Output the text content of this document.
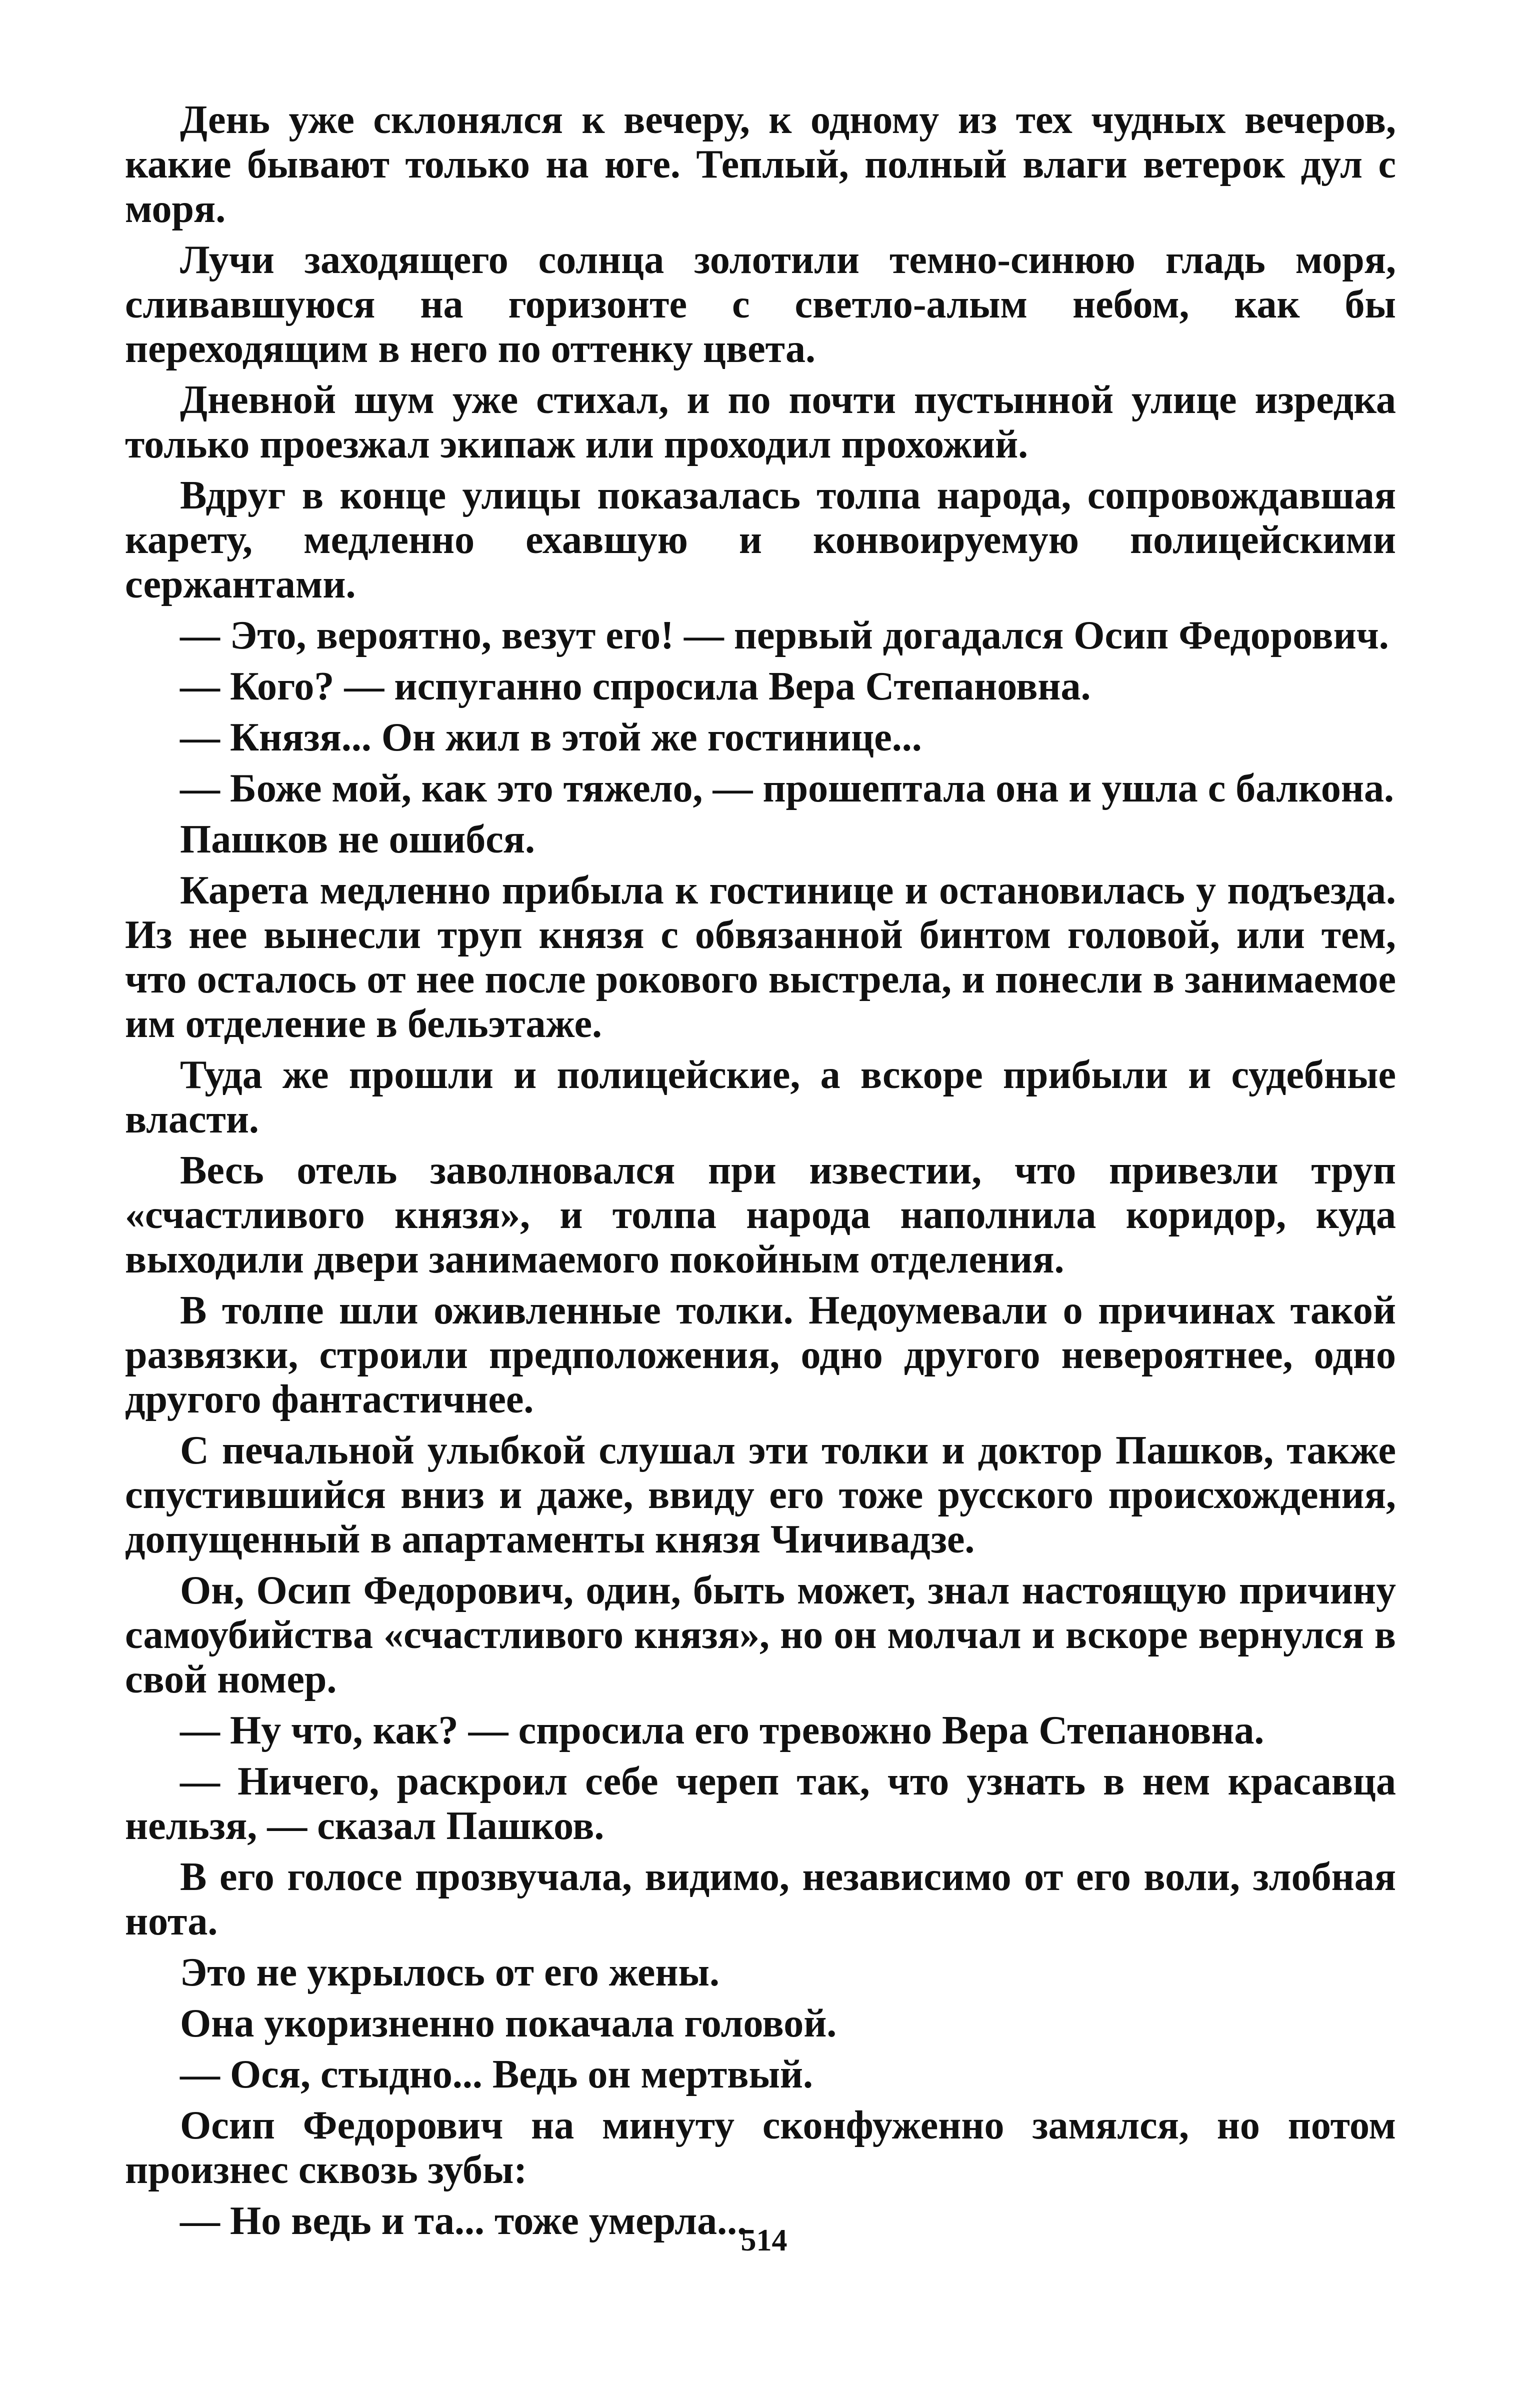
День уже склонялся к вечеру, к одному из тех чудных вечеров, какие бывают только на юге. Теплый, полный влаги ветерок дул с моря.

Лучи заходящего солнца золотили темно-синюю гладь моря, сливавшуюся на горизонте с светло-алым небом, как бы переходящим в него по оттенку цвета.

Дневной шум уже стихал, и по почти пустынной улице изредка только проезжал экипаж или проходил прохожий.

Вдруг в конце улицы показалась толпа народа, сопровождавшая карету, медленно ехавшую и конвоируемую полицейскими сержантами.

— Это, вероятно, везут его! — первый догадался Осип Федорович.

— Кого? — испуганно спросила Вера Степановна.

— Князя... Он жил в этой же гостинице...

— Боже мой, как это тяжело, — прошептала она и ушла с балкона.

Пашков не ошибся.

Карета медленно прибыла к гостинице и остановилась у подъезда. Из нее вынесли труп князя с обвязанной бинтом головой, или тем, что осталось от нее после рокового выстрела, и понесли в занимаемое им отделение в бельэтаже.

Туда же прошли и полицейские, а вскоре прибыли и судебные власти.

Весь отель заволновался при известии, что привезли труп «счастливого князя», и толпа народа наполнила коридор, куда выходили двери занимаемого покойным отделения.

В толпе шли оживленные толки. Недоумевали о причинах такой развязки, строили предположения, одно другого невероятнее, одно другого фантастичнее.

С печальной улыбкой слушал эти толки и доктор Пашков, также спустившийся вниз и даже, ввиду его тоже русского происхождения, допущенный в апартаменты князя Чичивадзе.

Он, Осип Федорович, один, быть может, знал настоящую причину самоубийства «счастливого князя», но он молчал и вскоре вернулся в свой номер.

— Ну что, как? — спросила его тревожно Вера Степановна.

— Ничего, раскроил себе череп так, что узнать в нем красавца нельзя, — сказал Пашков.

В его голосе прозвучала, видимо, независимо от его воли, злобная нота.

Это не укрылось от его жены.

Она укоризненно покачала головой.

— Ося, стыдно... Ведь он мертвый.

Осип Федорович на минуту сконфуженно замялся, но потом произнес сквозь зубы:

— Но ведь и та... тоже умерла...

514
